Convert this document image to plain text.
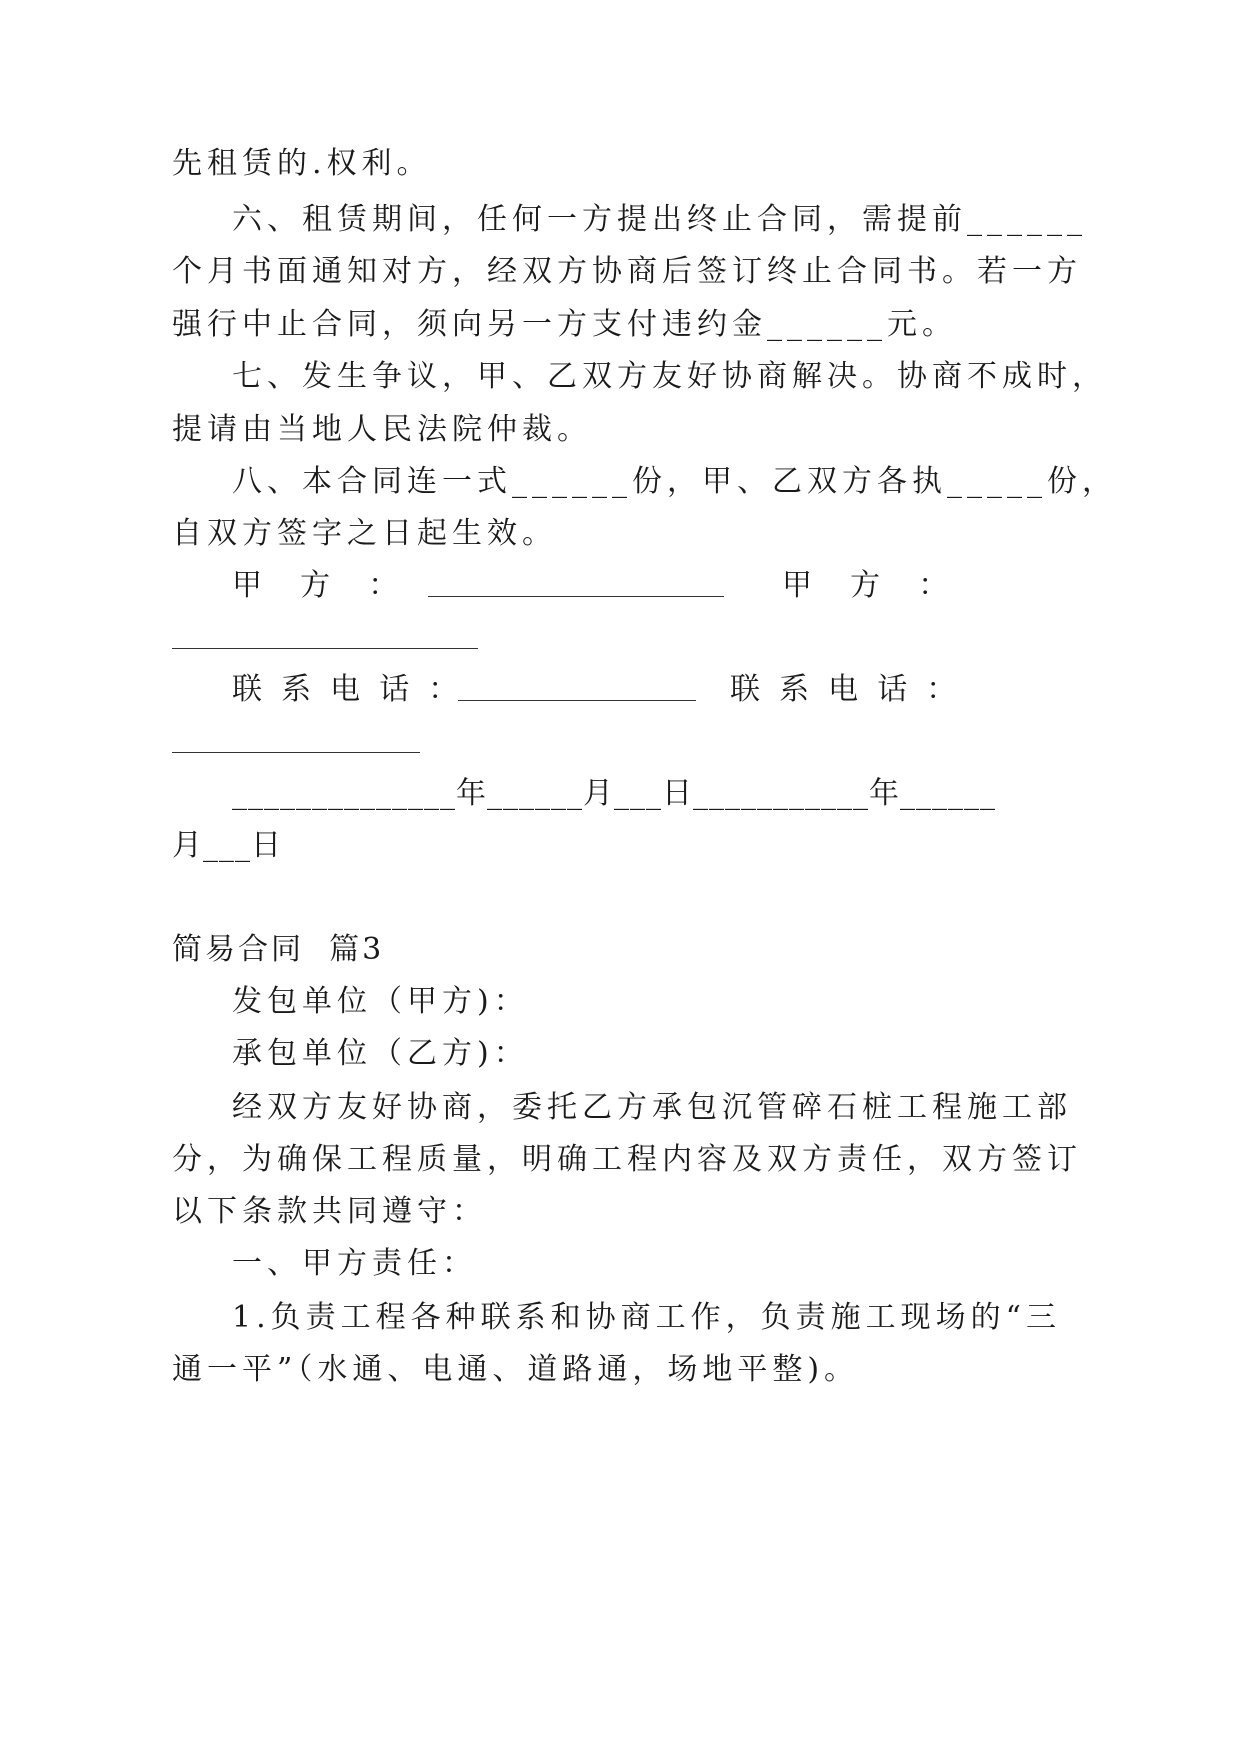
先租赁的.权利。
六、租赁期间，任何一方提出终止合同，需提前______
个月书面通知对方，经双方协商后签订终止合同书。若一方
强行中止合同，须向另一方支付违约金______元。
七、发生争议，甲、乙双方友好协商解决。协商不成时，
提请由当地人民法院仲裁。
八、本合同连一式______份，甲、乙双方各执_____份，
自双方签字之日起生效。
甲    方    ：	甲    方    ：
联  系  电  话  ：	联  系  电  话  ：
______________年______月___日___________年______
月___日
简易合同  篇3
发包单位（甲方)：
承包单位（乙方)：
经双方友好协商，委托乙方承包沉管碎石桩工程施工部
分，为确保工程质量，明确工程内容及双方责任，双方签订
以下条款共同遵守：
一、甲方责任：
1.负责工程各种联系和协商工作，负责施工现场的“三
通一平”（水通、电通、道路通，场地平整)。
